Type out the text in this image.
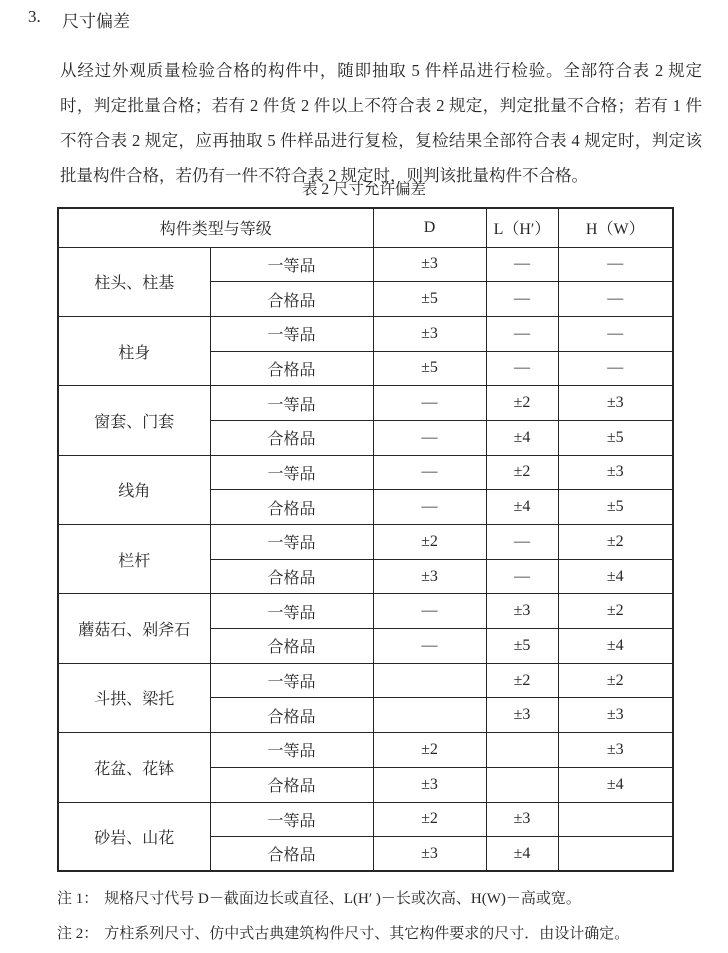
3.	尺寸偏差

从经过外观质量检验合格的构件中，随即抽取 5 件样品进行检验。全部符合表 2 规定时，判定批量合格；若有 2 件货 2 件以上不符合表 2 规定，判定批量不合格；若有 1 件不符合表 2 规定，应再抽取 5 件样品进行复检，复检结果全部符合表 4 规定时，判定该批量构件合格，若仍有一件不符合表 2 规定时，则判该批量构件不合格。

表 2 尺寸允许偏差
构件类型与等级		D	L（H′）	H（W）
柱头、柱基	一等品	±3	—	—
	合格品	±5	—	—
柱身	一等品	±3	—	—
	合格品	±5	—	—
窗套、门套	一等品	—	±2	±3
	合格品	—	±4	±5
线角	一等品	—	±2	±3
	合格品	—	±4	±5
栏杆	一等品	±2	—	±2
	合格品	±3	—	±4
蘑菇石、剁斧石	一等品	—	±3	±2
	合格品	—	±5	±4
斗拱、梁托	一等品		±2	±2
	合格品		±3	±3
花盆、花钵	一等品	±2		±3
	合格品	±3		±4
砂岩、山花	一等品	±2	±3	
	合格品	±3	±4	
注 1： 规格尺寸代号 D－截面边长或直径、L(H′ )－长或次高、H(W)－高或宽。
注 2： 方柱系列尺寸、仿中式古典建筑构件尺寸、其它构件要求的尺寸．由设计确定。
